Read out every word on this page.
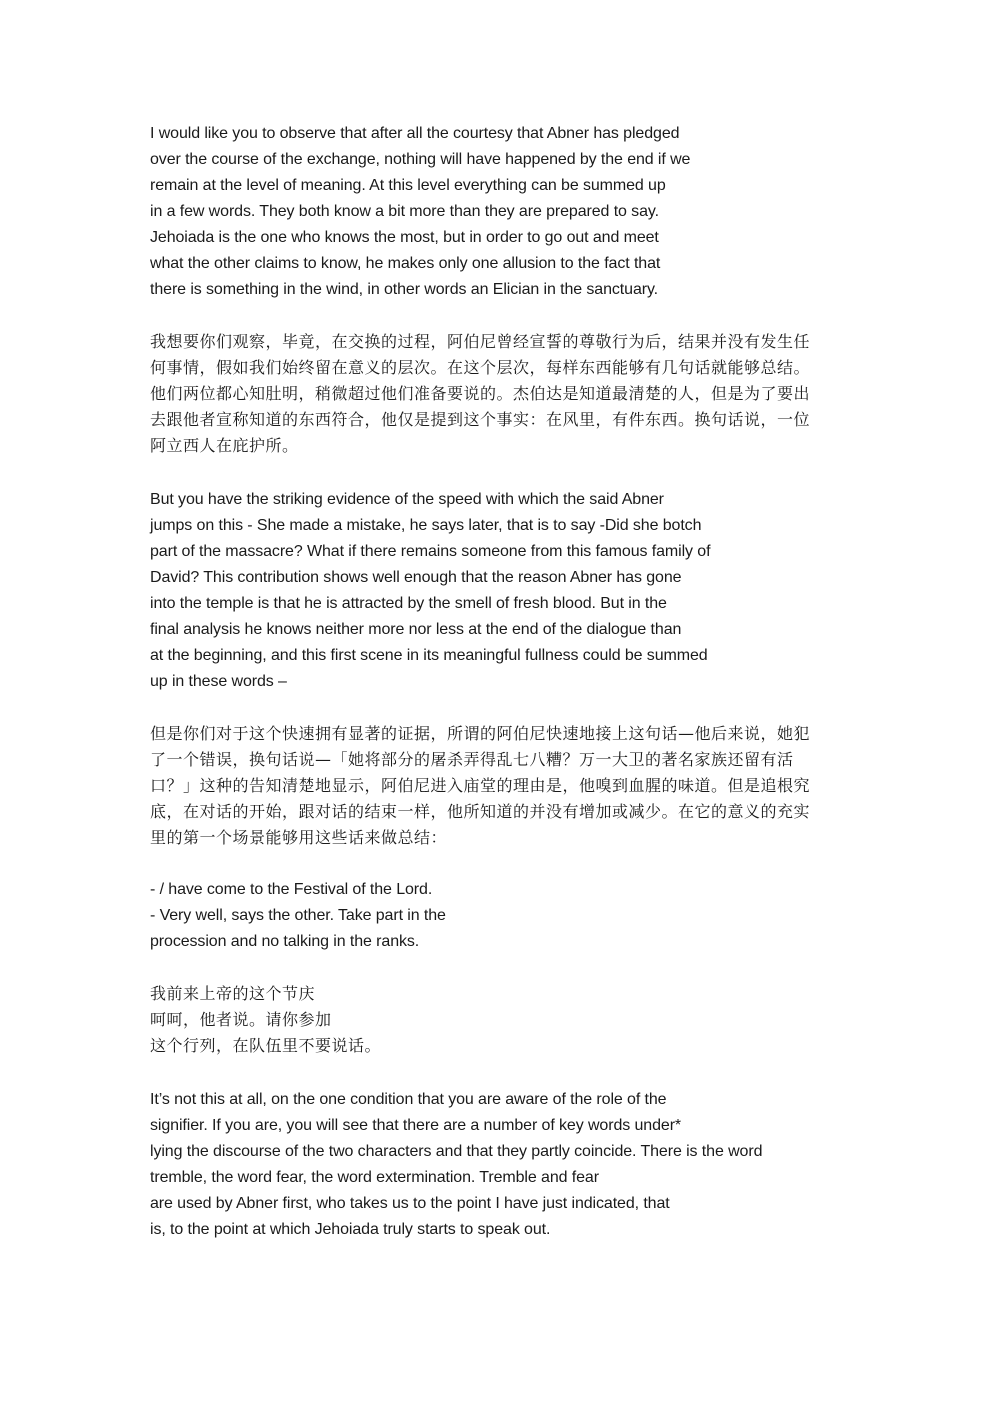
I would like you to observe that after all the courtesy that Abner has pledged
over the course of the exchange, nothing will have happened by the end if we
remain at the level of meaning. At this level everything can be summed up
in a few words. They both know a bit more than they are prepared to say.
Jehoiada is the one who knows the most, but in order to go out and meet
what the other claims to know, he makes only one allusion to the fact that
there is something in the wind, in other words an Elician in the sanctuary.
我想要你们观察，毕竟，在交换的过程，阿伯尼曾经宣誓的尊敬行为后，结果并没有发生任
何事情，假如我们始终留在意义的层次。在这个层次，每样东西能够有几句话就能够总结。
他们两位都心知肚明，稍微超过他们准备要说的。杰伯达是知道最清楚的人，但是为了要出
去跟他者宣称知道的东西符合，他仅是提到这个事实：在风里，有件东西。换句话说，一位
阿立西人在庇护所。
But you have the striking evidence of the speed with which the said Abner
jumps on this - She made a mistake, he says later, that is to say -Did she botch
part of the massacre? What if there remains someone from this famous family of
David? This contribution shows well enough that the reason Abner has gone
into the temple is that he is attracted by the smell of fresh blood. But in the
final analysis he knows neither more nor less at the end of the dialogue than
at the beginning, and this first scene in its meaningful fullness could be summed
up in these words –
但是你们对于这个快速拥有显著的证据，所谓的阿伯尼快速地接上这句话—他后来说，她犯
了一个错误，换句话说—「她将部分的屠杀弄得乱七八糟？万一大卫的著名家族还留有活
口？」这种的告知清楚地显示，阿伯尼进入庙堂的理由是，他嗅到血腥的味道。但是追根究
底，在对话的开始，跟对话的结束一样，他所知道的并没有增加或减少。在它的意义的充实
里的第一个场景能够用这些话来做总结：
- / have come to the Festival of the Lord.
- Very well, says the other. Take part in the
procession and no talking in the ranks.
我前来上帝的这个节庆
呵呵，他者说。请你参加
这个行列，在队伍里不要说话。
It’s not this at all, on the one condition that you are aware of the role of the
signifier. If you are, you will see that there are a number of key words under*
lying the discourse of the two characters and that they partly coincide. There is the word
tremble, the word fear, the word extermination. Tremble and fear
are used by Abner first, who takes us to the point I have just indicated, that
is, to the point at which Jehoiada truly starts to speak out.
